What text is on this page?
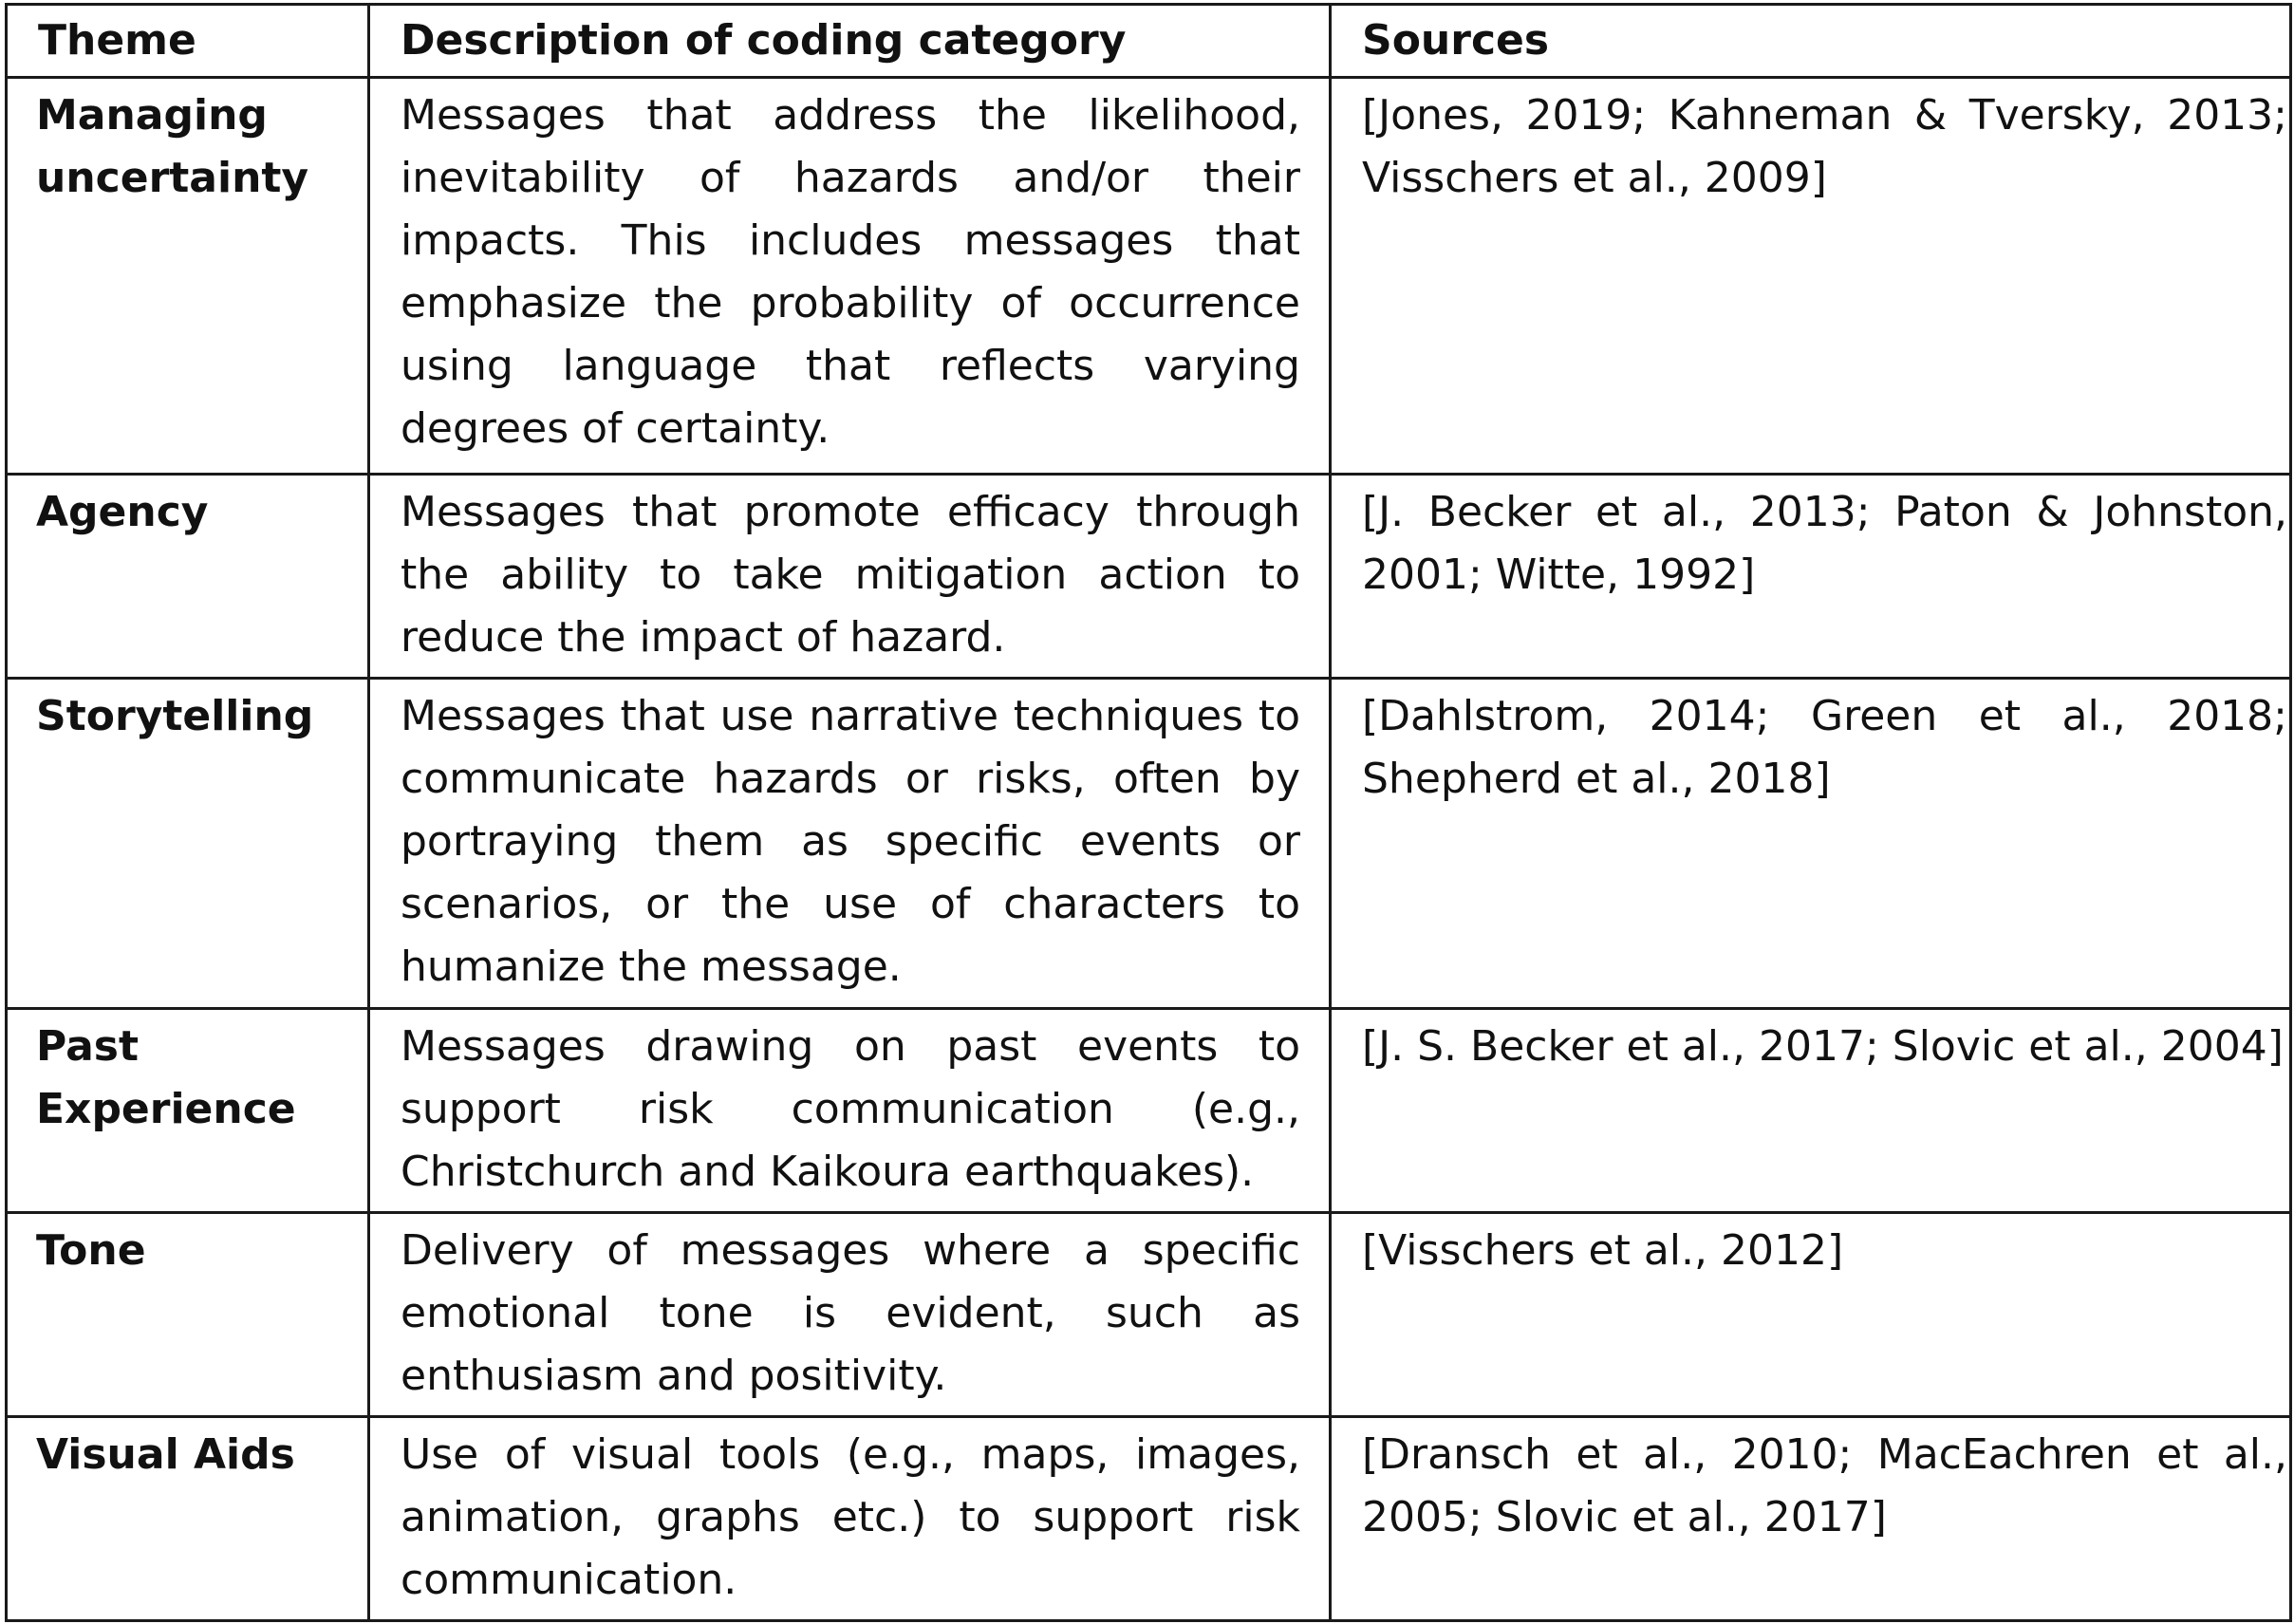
Theme	Description of coding category	Sources
Managing uncertainty	Messages that address the likelihood, inevitability of hazards and/or their impacts. This includes messages that emphasize the probability of occurrence using language that reflects varying degrees of certainty.	[Jones, 2019; Kahneman & Tversky, 2013; Visschers et al., 2009]
Agency	Messages that promote efficacy through the ability to take mitigation action to reduce the impact of hazard.	[J. Becker et al., 2013; Paton & Johnston, 2001; Witte, 1992]
Storytelling	Messages that use narrative techniques to communicate hazards or risks, often by portraying them as specific events or scenarios, or the use of characters to humanize the message.	[Dahlstrom, 2014; Green et al., 2018; Shepherd et al., 2018]
Past Experience	Messages drawing on past events to support risk communication (e.g., Christchurch and Kaikoura earthquakes).	[J. S. Becker et al., 2017; Slovic et al., 2004]
Tone	Delivery of messages where a specific emotional tone is evident, such as enthusiasm and positivity.	[Visschers et al., 2012]
Visual Aids	Use of visual tools (e.g., maps, images, animation, graphs etc.) to support risk communication.	[Dransch et al., 2010; MacEachren et al., 2005; Slovic et al., 2017]
